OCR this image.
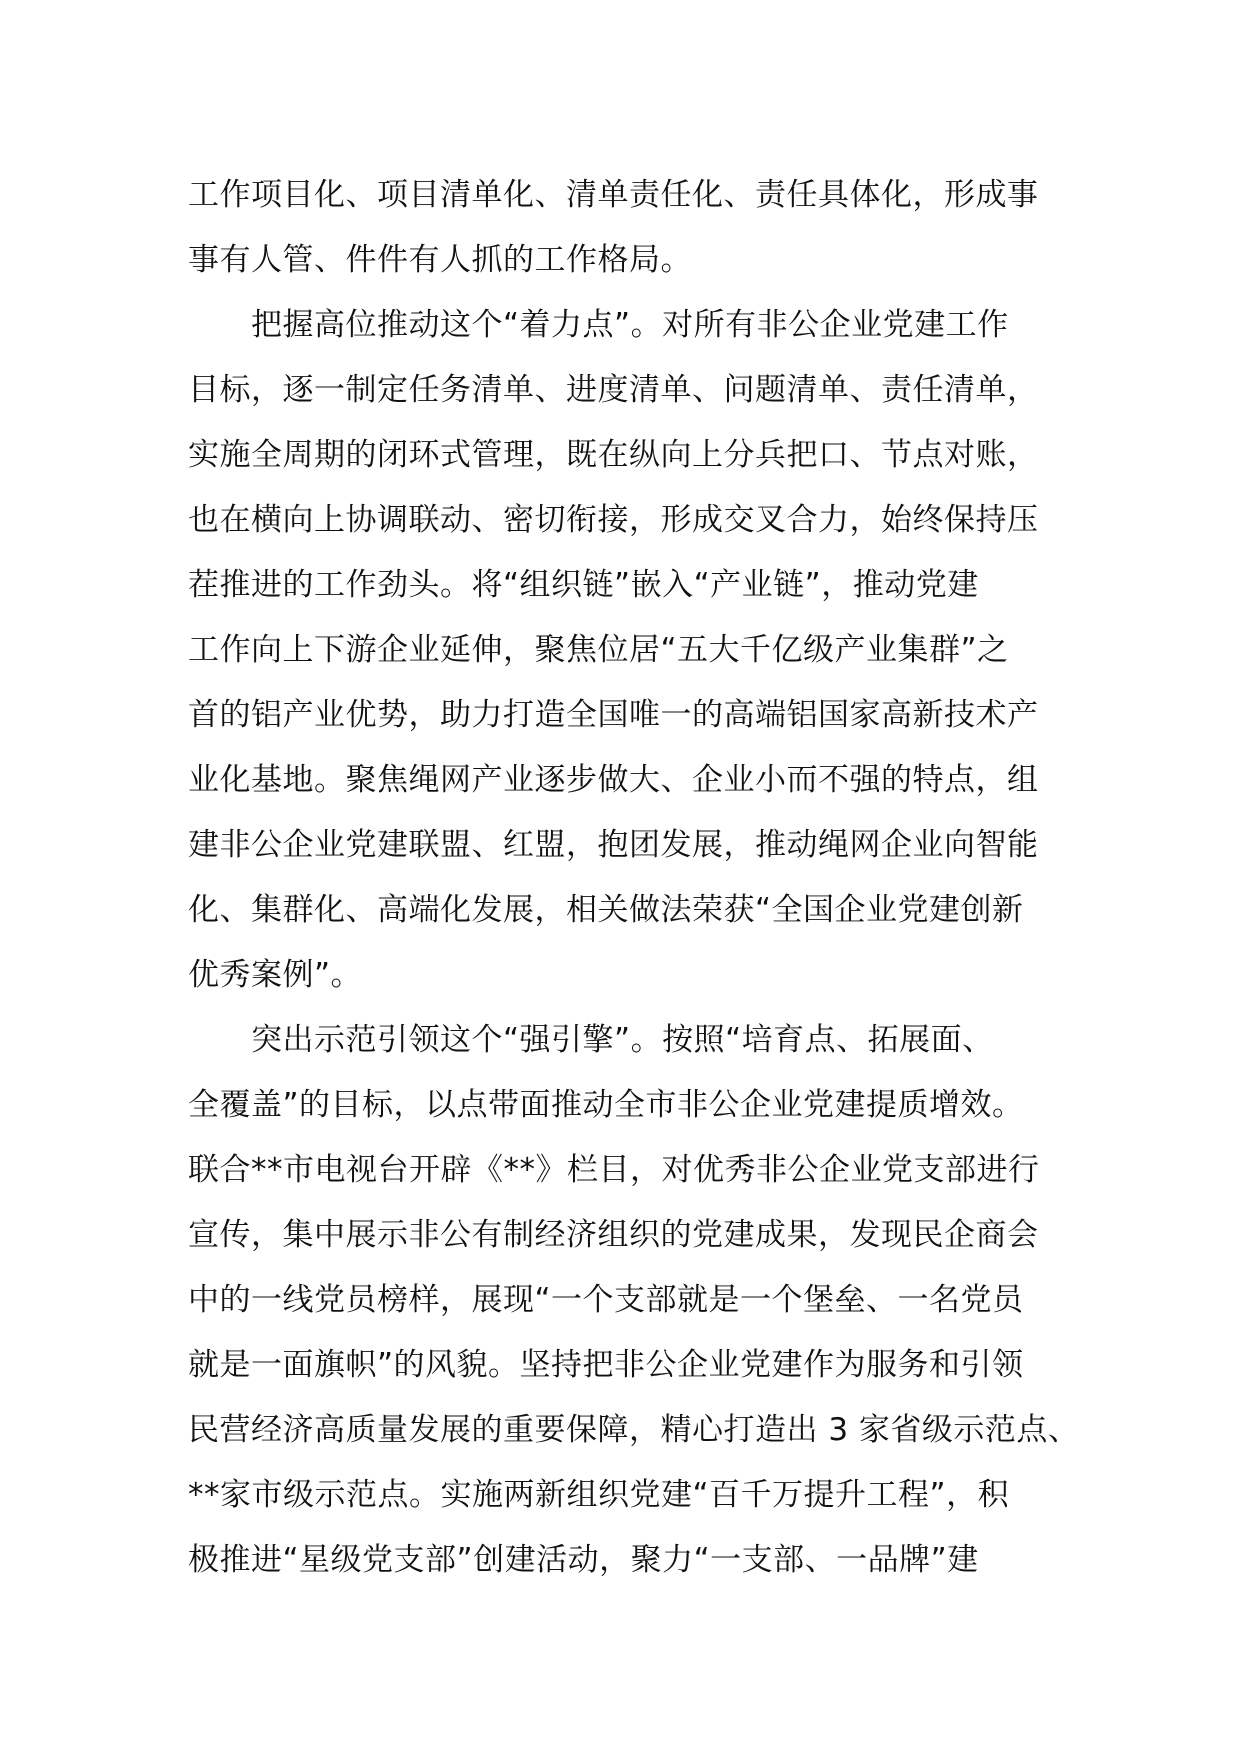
工作项目化、项目清单化、清单责任化、责任具体化，形成事
事有人管、件件有人抓的工作格局。
　　把握高位推动这个“着力点”。对所有非公企业党建工作
目标，逐一制定任务清单、进度清单、问题清单、责任清单，
实施全周期的闭环式管理，既在纵向上分兵把口、节点对账，
也在横向上协调联动、密切衔接，形成交叉合力，始终保持压
茬推进的工作劲头。将“组织链”嵌入“产业链”，推动党建
工作向上下游企业延伸，聚焦位居“五大千亿级产业集群”之
首的铝产业优势，助力打造全国唯一的高端铝国家高新技术产
业化基地。聚焦绳网产业逐步做大、企业小而不强的特点，组
建非公企业党建联盟、红盟，抱团发展，推动绳网企业向智能
化、集群化、高端化发展，相关做法荣获“全国企业党建创新
优秀案例”。
　　突出示范引领这个“强引擎”。按照“培育点、拓展面、
全覆盖”的目标，以点带面推动全市非公企业党建提质增效。
联合**市电视台开辟《**》栏目，对优秀非公企业党支部进行
宣传，集中展示非公有制经济组织的党建成果，发现民企商会
中的一线党员榜样，展现“一个支部就是一个堡垒、一名党员
就是一面旗帜”的风貌。坚持把非公企业党建作为服务和引领
民营经济高质量发展的重要保障，精心打造出 3 家省级示范点、
**家市级示范点。实施两新组织党建“百千万提升工程”，积
极推进“星级党支部”创建活动，聚力“一支部、一品牌”建
